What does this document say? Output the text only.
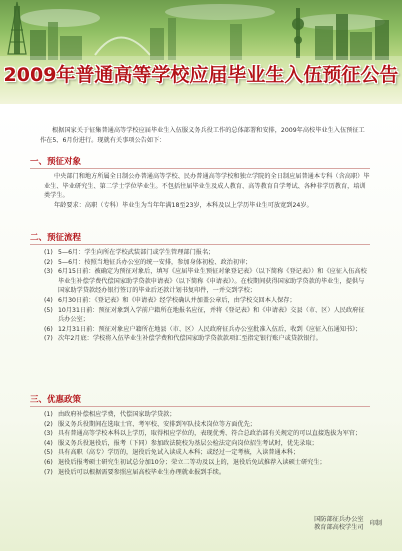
2009年普通高等学校应届毕业生入伍预征公告
根据国家关于征集普通高等学校应届毕业生入伍服义务兵役工作的总体部署和安排，2009年高校毕业生入伍预征工作在5、6月份进行。现就有关事项公告如下：
一、预征对象

中央部门和地方所属全日制公办普通高等学校、民办普通高等学校和独立学院的全日制应届普通本专科（含高职）毕业生、毕业研究生、第二学士学位毕业生。不包括往届毕业生及成人教育、高等教育自学考试、各种非学历教育，培训类学生。

年龄要求：高职（专科）毕业生为当年年满18至23岁，本科及以上学历毕业生可放宽到24岁。

二、预征流程
(1) 5—6月：学生向所在学校武装部门或学生管理部门报名；
(2) 5—6月：按照当地征兵办公室的统一安排，参加身体初检、政治初审；
(3) 6月15日前：被确定为预征对象后，填写《应届毕业生预征对象登记表》（以下简称《登记表》）和《应征入伍高校毕业生补偿学费代偿国家助学贷款申请表》（以下简称《申请表》）。在校期间获得国家助学贷款的毕业生，提供与国家助学贷款经办银行签订的毕业后还款计划书复印件，一并交到学校；
(4) 6月30日前：《登记表》和《申请表》经学校确认并加盖公章后，由学校交回本人保存；
(5) 10月31日前：预征对象到入学前户籍所在地报名应征，并将《登记表》和《申请表》交县（市、区）人民政府征兵办公室；
(6) 12月31日前：预征对象应户籍所在地县（市、区）人民政府征兵办公室批准入伍后，收到《应征入伍通知书》；
(7) 次年2月底：学校将入伍毕业生补偿学费和代偿国家助学贷款款项汇至指定银行账户或贷款银行。
三、优惠政策
(1) 由政府补偿相应学费，代偿国家助学贷款；
(2) 服义务兵役期间在选取士官、考军校、安排到军队技术岗位等方面优先；
(3) 具有普通高等学校本科以上学历，取得相应学位的，表现优秀、符合总政治部有关规定的可以直接选拔为军官；
(4) 服义务兵役退役后，报考（下同）参加政法院校为基层公检法定向岗位招生考试时，优先录取；
(5) 具有高职（高专）学历的，退役后免试入读成人本科；或经过一定考核，入读普通本科；
(6) 退役后报考硕士研究生初试总分加10分；荣立二等功及以上的，退役后免试推荐入读硕士研究生；
(7) 退役后可以根据需要参照应届高校毕业生办理就业报到手续。
国防部征兵办公室
教育部高校学生司
印制
